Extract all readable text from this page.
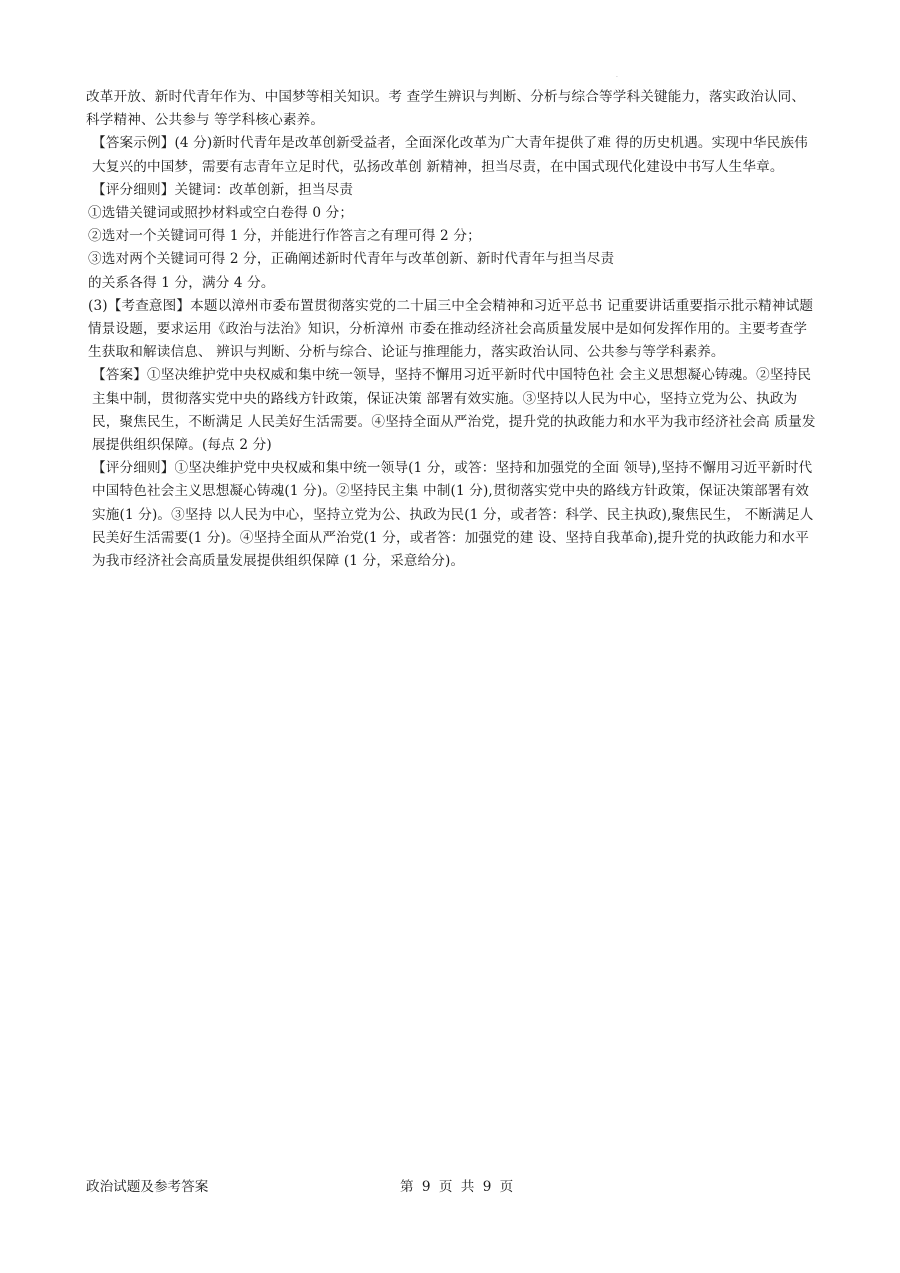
·

改革开放、新时代青年作为、中国梦等相关知识。考 查学生辨识与判断、分析与综合等学科关键能力，落实政治认同、科学精神、公共参与 等学科核心素养。

【答案示例】(4 分)新时代青年是改革创新受益者，全面深化改革为广大青年提供了难 得的历史机遇。实现中华民族伟大复兴的中国梦，需要有志青年立足时代，弘扬改革创 新精神，担当尽责，在中国式现代化建设中书写人生华章。

【评分细则】关键词：改革创新，担当尽责

①选错关键词或照抄材料或空白卷得 0 分；

②选对一个关键词可得 1 分，并能进行作答言之有理可得 2 分；

③选对两个关键词可得 2 分，正确阐述新时代青年与改革创新、新时代青年与担当尽责

的关系各得 1 分，满分 4 分。

(3)【考查意图】本题以漳州市委布置贯彻落实党的二十届三中全会精神和习近平总书 记重要讲话重要指示批示精神试题情景设题，要求运用《政治与法治》知识，分析漳州 市委在推动经济社会高质量发展中是如何发挥作用的。主要考查学生获取和解读信息、 辨识与判断、分析与综合、论证与推理能力，落实政治认同、公共参与等学科素养。

【答案】①坚决维护党中央权威和集中统一领导，坚持不懈用习近平新时代中国特色社 会主义思想凝心铸魂。②坚持民主集中制，贯彻落实党中央的路线方针政策，保证决策 部署有效实施。③坚持以人民为中心，坚持立党为公、执政为民，聚焦民生，不断满足 人民美好生活需要。④坚持全面从严治党，提升党的执政能力和水平为我市经济社会高 质量发展提供组织保障。(每点 2 分)

【评分细则】①坚决维护党中央权威和集中统一领导(1 分，或答：坚持和加强党的全面 领导),坚持不懈用习近平新时代中国特色社会主义思想凝心铸魂(1 分)。②坚持民主集 中制(1 分),贯彻落实党中央的路线方针政策，保证决策部署有效实施(1 分)。③坚持 以人民为中心，坚持立党为公、执政为民(1 分，或者答：科学、民主执政),聚焦民生， 不断满足人民美好生活需要(1 分)。④坚持全面从严治党(1 分，或者答：加强党的建 设、坚持自我革命),提升党的执政能力和水平为我市经济社会高质量发展提供组织保障 (1 分，采意给分)。

政治试题及参考答案	第 9 页 共 9 页
